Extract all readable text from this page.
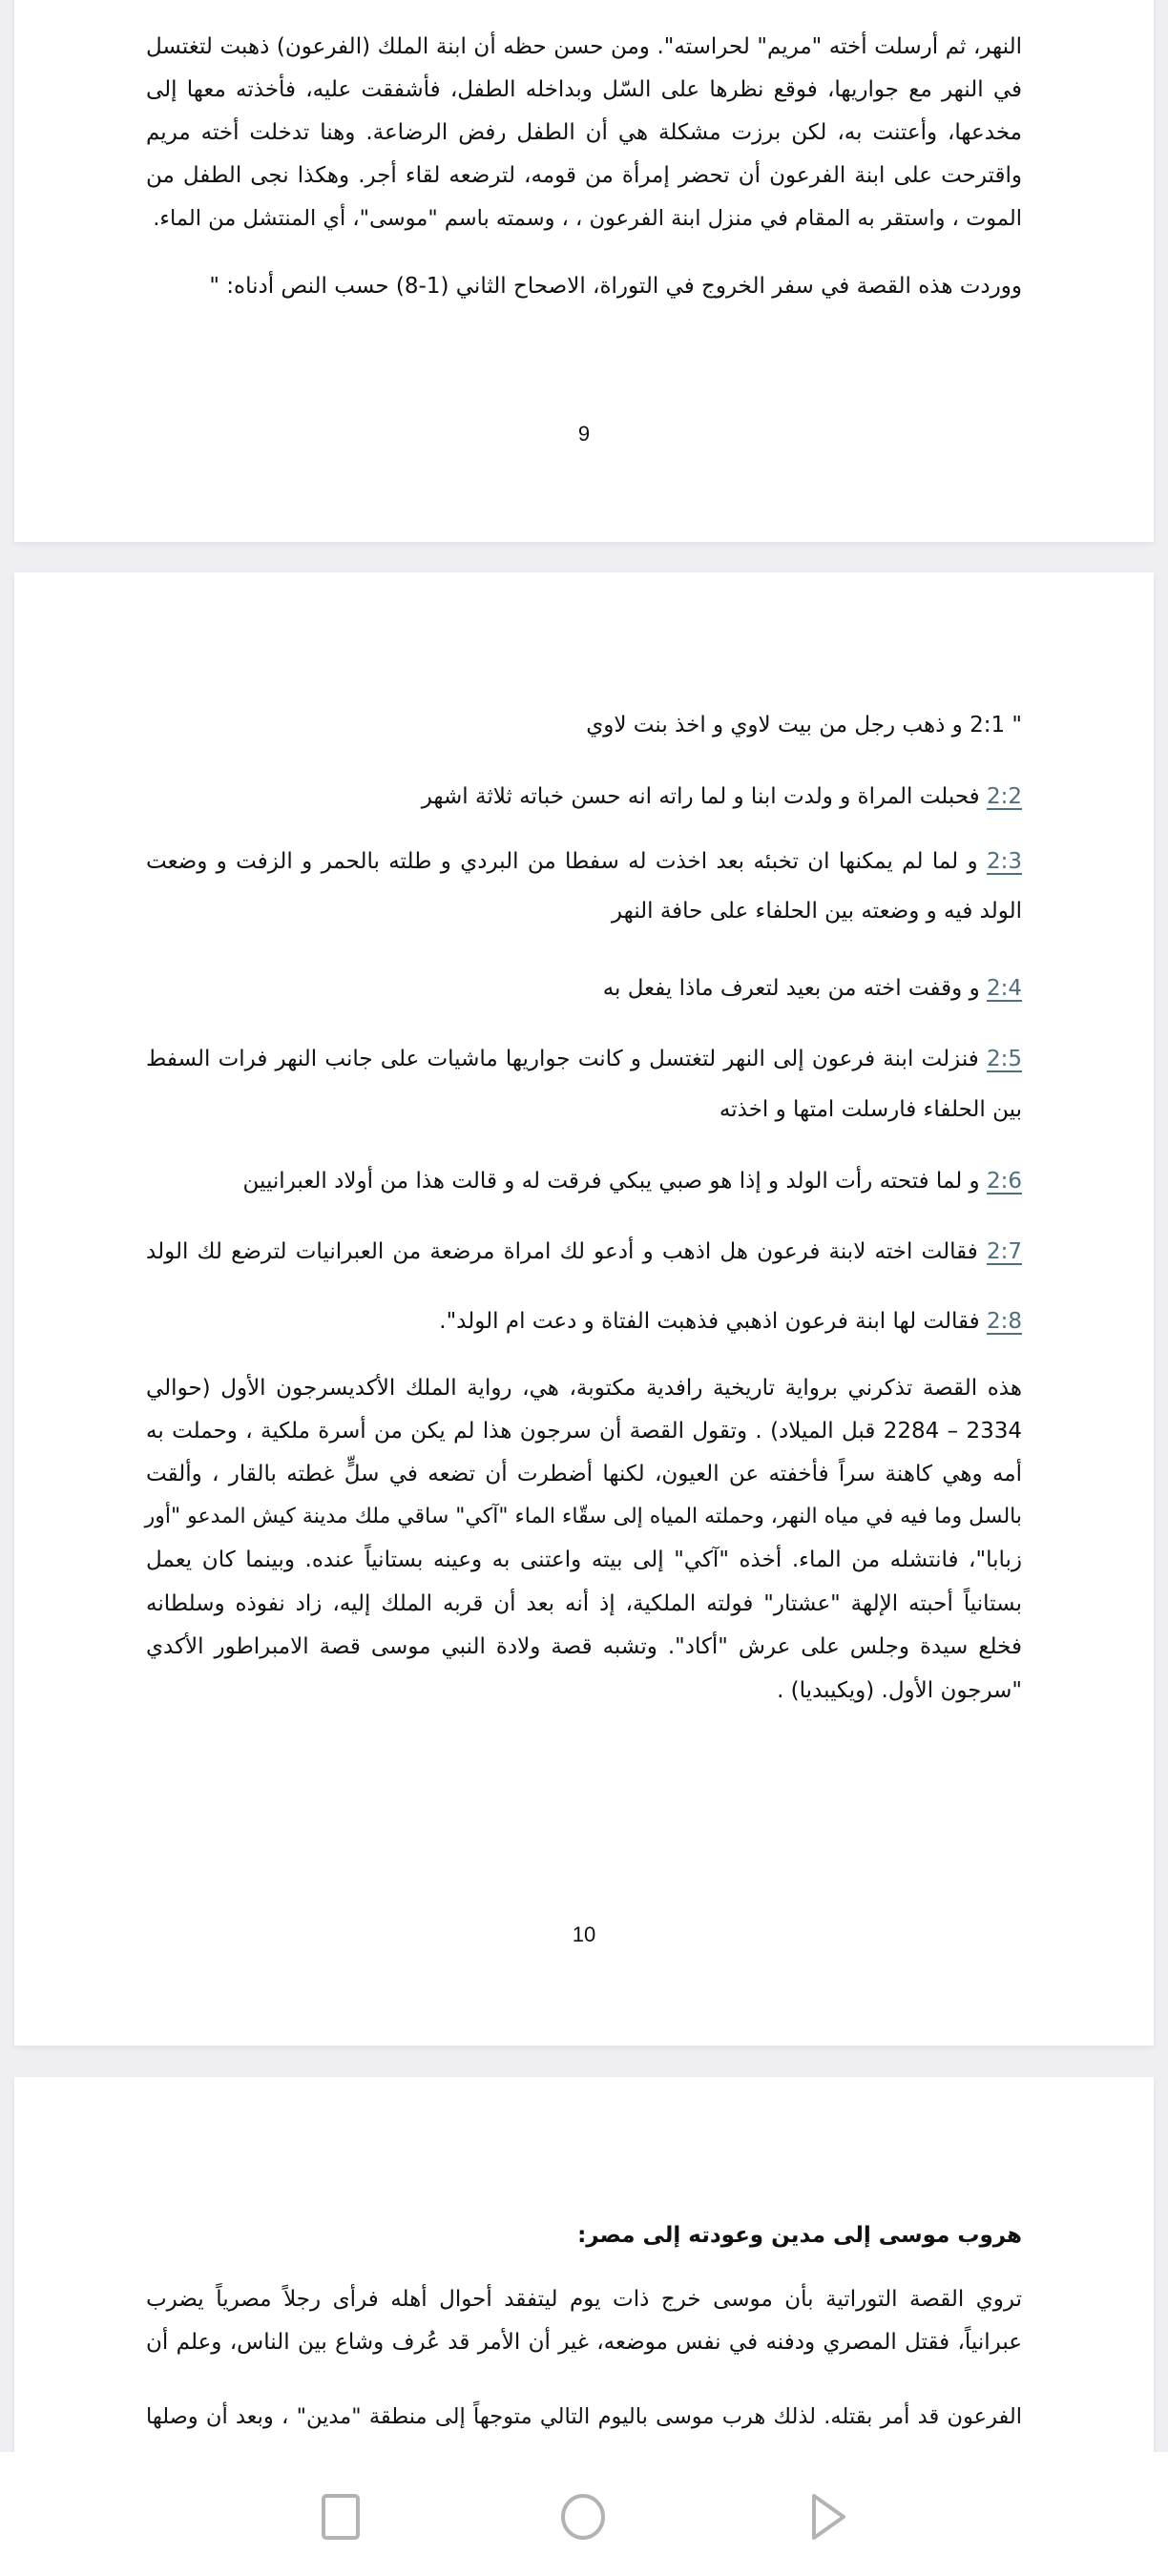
النهر، ثم أرسلت أخته "مريم" لحراسته". ومن حسن حظه أن ابنة الملك (الفرعون) ذهبت لتغتسل
في النهر مع جواريها، فوقع نظرها على السّل وبداخله الطفل، فأشفقت عليه، فأخذته معها إلى
مخدعها، وأعتنت به، لكن برزت مشكلة هي أن الطفل رفض الرضاعة. وهنا تدخلت أخته مريم
واقترحت على ابنة الفرعون أن تحضر إمرأة من قومه، لترضعه لقاء أجر. وهكذا نجى الطفل من
الموت ، واستقر به المقام في منزل ابنة الفرعون ، ، وسمته باسم "موسى"، أي المنتشل من الماء.
ووردت هذه القصة في سفر الخروج في التوراة، الاصحاح الثاني (1-8) حسب النص أدناه: "
9
" 2:1 و ذهب رجل من بيت لاوي و اخذ بنت لاوي
2:2 فحبلت المراة و ولدت ابنا و لما راته انه حسن خباته ثلاثة اشهر
2:3 و لما لم يمكنها ان تخبئه بعد اخذت له سفطا من البردي و طلته بالحمر و الزفت و وضعت
الولد فيه و وضعته بين الحلفاء على حافة النهر
2:4 و وقفت اخته من بعيد لتعرف ماذا يفعل به
2:5 فنزلت ابنة فرعون إلى النهر لتغتسل و كانت جواريها ماشيات على جانب النهر فرات السفط
بين الحلفاء فارسلت امتها و اخذته
2:6 و لما فتحته رأت الولد و إذا هو صبي يبكي فرقت له و قالت هذا من أولاد العبرانيين
2:7 فقالت اخته لابنة فرعون هل اذهب و أدعو لك امراة مرضعة من العبرانيات لترضع لك الولد
2:8 فقالت لها ابنة فرعون اذهبي فذهبت الفتاة و دعت ام الولد".
هذه القصة تذكرني برواية تاريخية رافدية مكتوبة، هي، رواية الملك الأكديسرجون الأول (حوالي
2334 – 2284 قبل الميلاد) . وتقول القصة أن سرجون هذا لم يكن من أسرة ملكية ، وحملت به
أمه وهي كاهنة سراً فأخفته عن العيون، لكنها أضطرت أن تضعه في سلٍّ غطته بالقار ، وألقت
بالسل وما فيه في مياه النهر، وحملته المياه إلى سقّاء الماء "آكي" ساقي ملك مدينة كيش المدعو "أور
زبابا"، فانتشله من الماء. أخذه "آكي" إلى بيته واعتنى به وعينه بستانياً عنده. وبينما كان يعمل
بستانياً أحبته الإلهة "عشتار" فولته الملكية، إذ أنه بعد أن قربه الملك إليه، زاد نفوذه وسلطانه
فخلع سيدة وجلس على عرش "أكاد". وتشبه قصة ولادة النبي موسى قصة الامبراطور الأكدي
"سرجون الأول. (ويكيبديا) .
10
هروب موسى إلى مدين وعودته إلى مصر:
تروي القصة التوراتية بأن موسى خرج ذات يوم ليتفقد أحوال أهله فرأى رجلاً مصرياً يضرب
عبرانياً، فقتل المصري ودفنه في نفس موضعه، غير أن الأمر قد عُرف وشاع بين الناس، وعلم أن
الفرعون قد أمر بقتله. لذلك هرب موسى باليوم التالي متوجهاً إلى منطقة "مدين" ، وبعد أن وصلها
